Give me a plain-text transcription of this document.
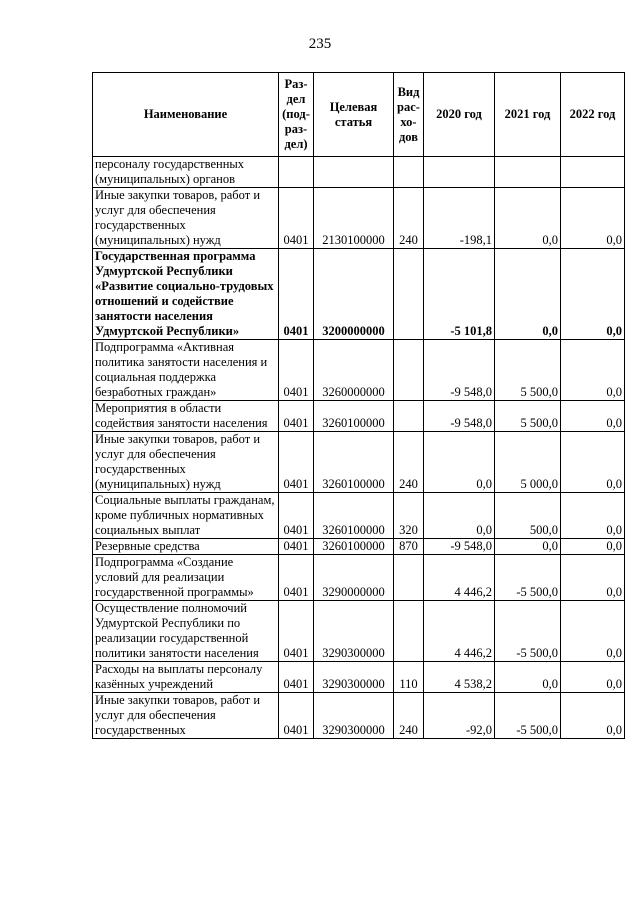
235
Наименование	Раз-дел (под-раз-дел)	Целевая статья	Вид рас-хо-дов	2020 год	2021 год	2022 год
персоналу государственных (муниципальных) органов						
Иные закупки товаров, работ и услуг для обеспечения государственных (муниципальных) нужд	0401	2130100000	240	-198,1	0,0	0,0
Государственная программа Удмуртской Республики «Развитие социально-трудовых отношений и содействие занятости населения Удмуртской Республики»	0401	3200000000		-5 101,8	0,0	0,0
Подпрограмма «Активная политика занятости населения и социальная поддержка безработных граждан»	0401	3260000000		-9 548,0	5 500,0	0,0
Мероприятия в области содействия занятости населения	0401	3260100000		-9 548,0	5 500,0	0,0
Иные закупки товаров, работ и услуг для обеспечения государственных (муниципальных) нужд	0401	3260100000	240	0,0	5 000,0	0,0
Социальные выплаты гражданам, кроме публичных нормативных социальных выплат	0401	3260100000	320	0,0	500,0	0,0
Резервные средства	0401	3260100000	870	-9 548,0	0,0	0,0
Подпрограмма «Создание условий для реализации государственной программы»	0401	3290000000		4 446,2	-5 500,0	0,0
Осуществление полномочий Удмуртской Республики по реализации государственной политики занятости населения	0401	3290300000		4 446,2	-5 500,0	0,0
Расходы на выплаты персоналу казённых учреждений	0401	3290300000	110	4 538,2	0,0	0,0
Иные закупки товаров, работ и услуг для обеспечения государственных	0401	3290300000	240	-92,0	-5 500,0	0,0
